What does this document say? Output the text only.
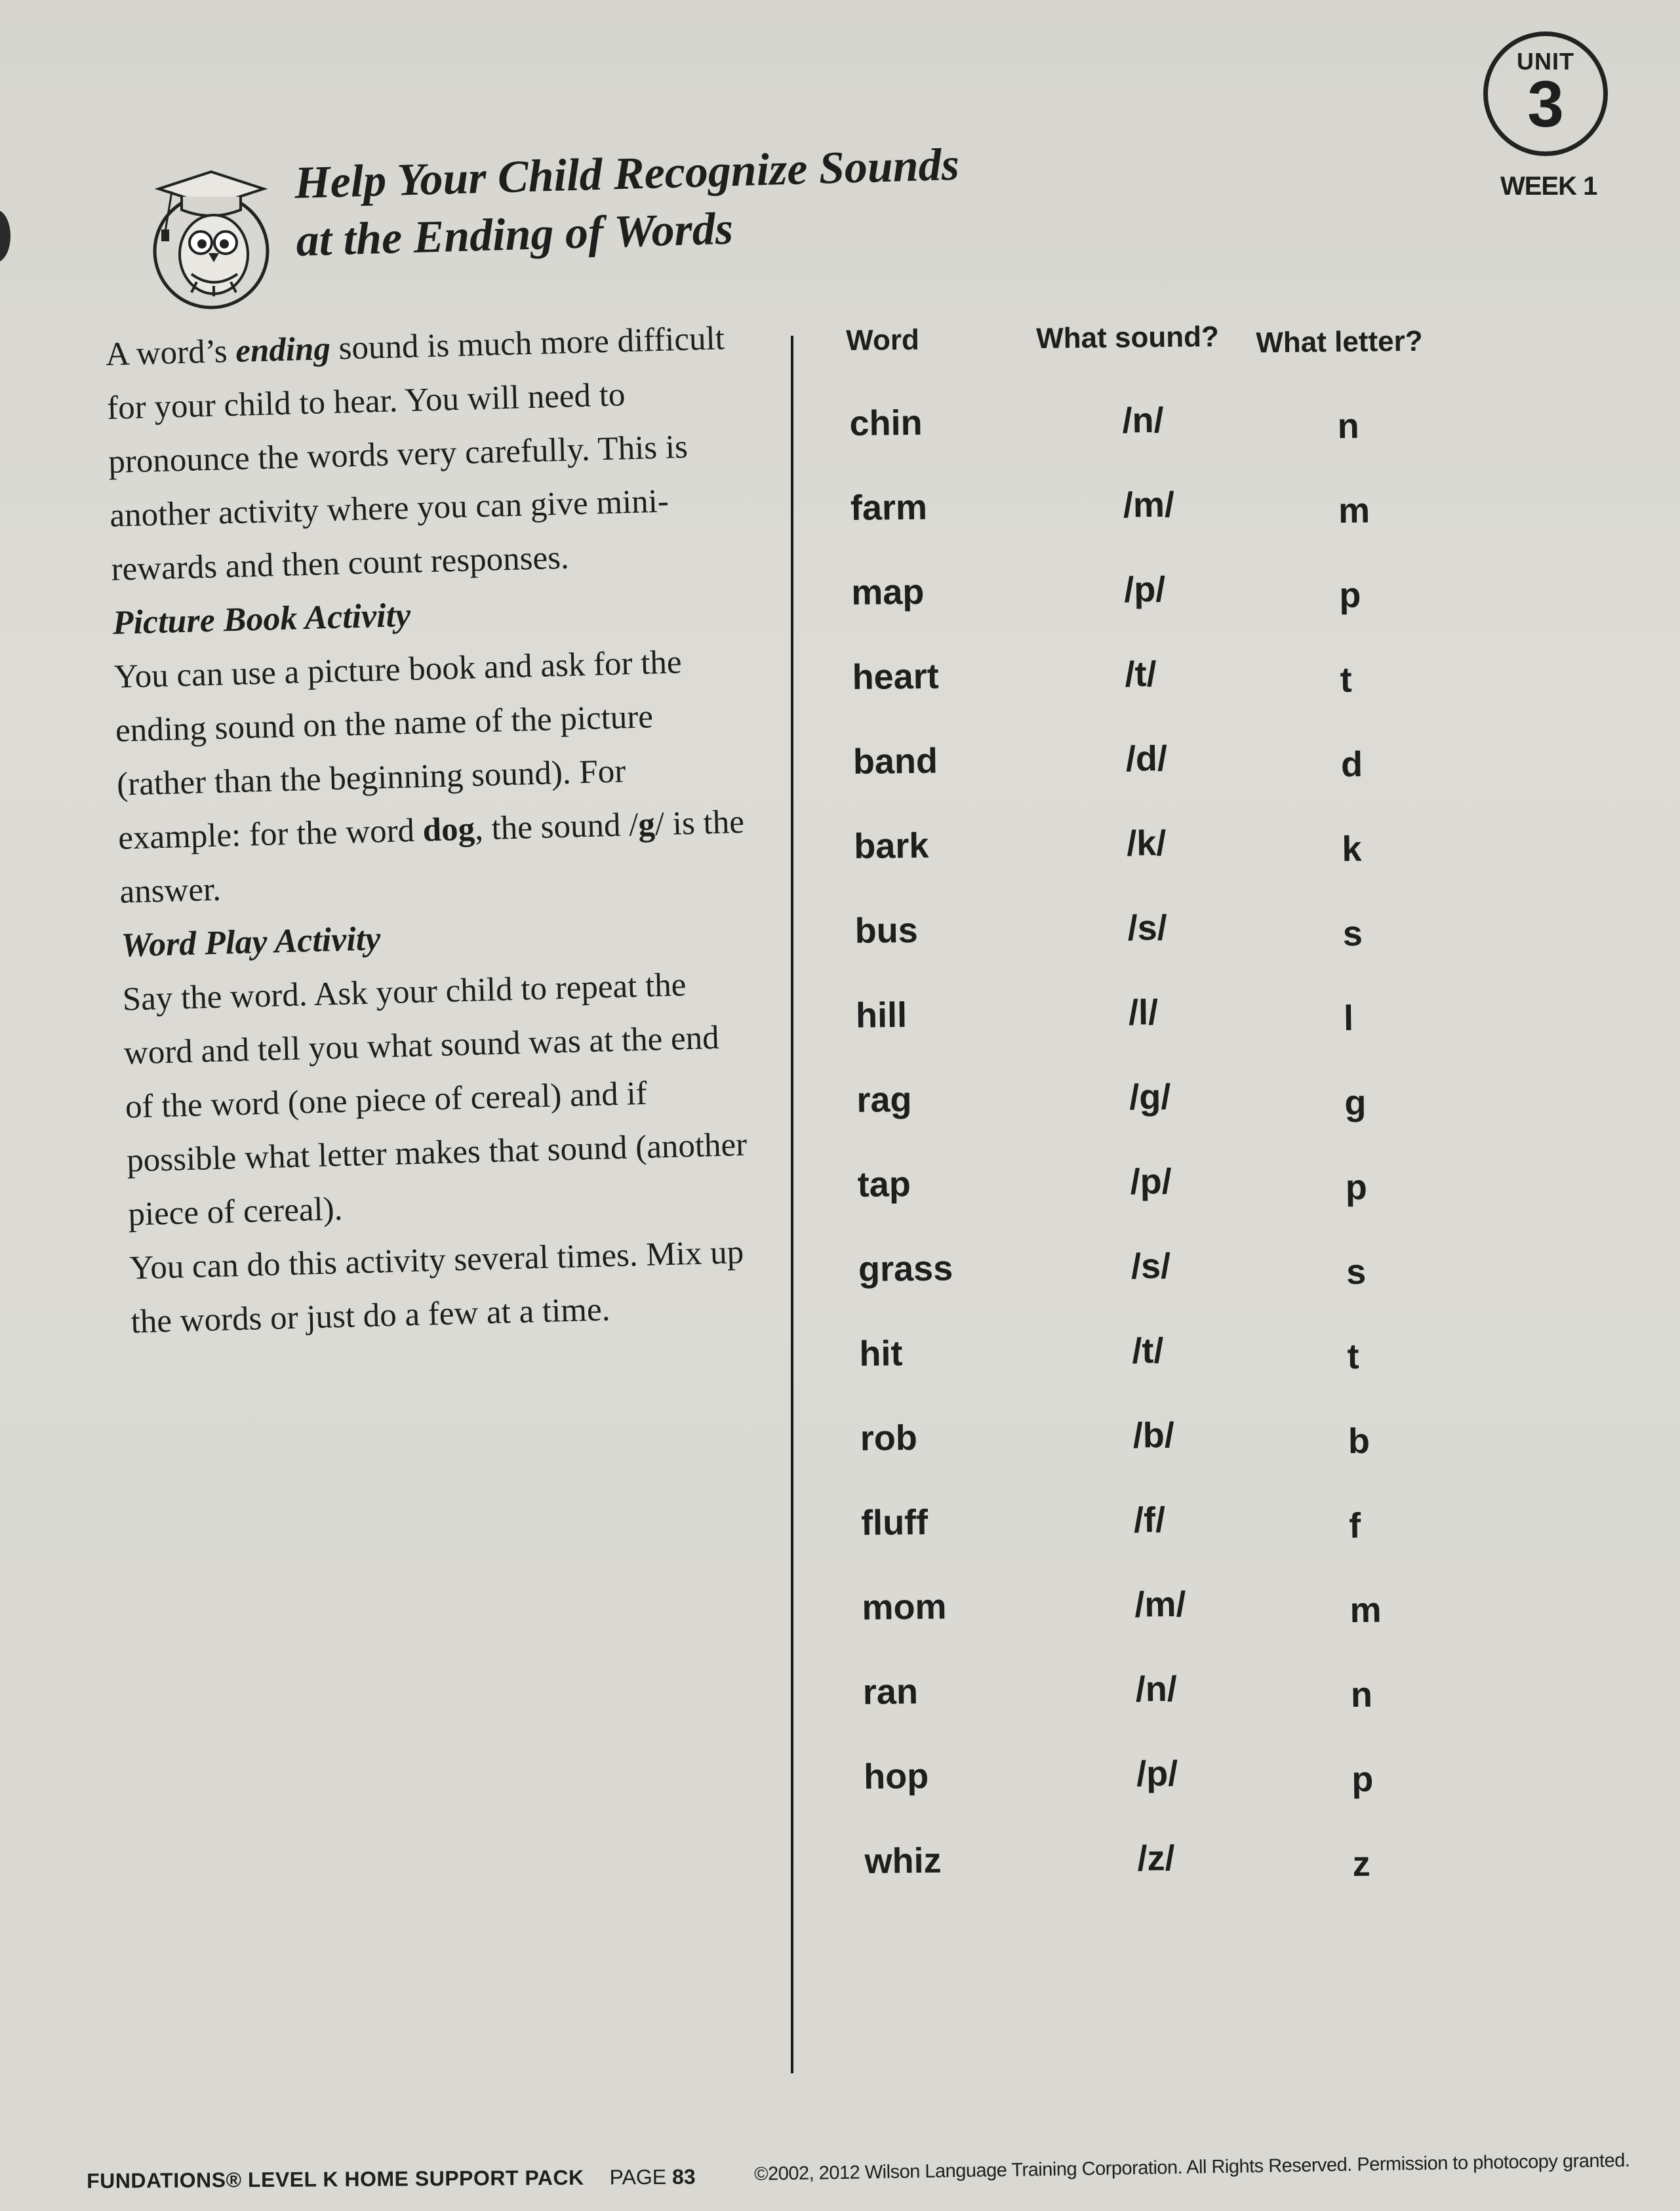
UNIT
3
WEEK 1
Help Your Child Recognize Sounds
at the Ending of Words

A word’s ending sound is much more difficult for your child to hear. You will need to pronounce the words very carefully. This is another activity where you can give mini-rewards and then count responses.

Picture Book Activity

You can use a picture book and ask for the ending sound on the name of the picture (rather than the beginning sound). For example: for the word dog, the sound /g/ is the answer.

Word Play Activity

Say the word. Ask your child to repeat the word and tell you what sound was at the end of the word (one piece of cereal) and if possible what letter makes that sound (another piece of cereal).

You can do this activity several times. Mix up the words or just do a few at a time.

Word	What sound? What letter?
chin	/n/	n
farm	/m/	m
map	/p/	p
heart	/t/	t
band	/d/	d
bark	/k/	k
bus	/s/	s
hill	/l/	l
rag	/g/	g
tap	/p/	p
grass	/s/	s
hit	/t/	t
rob	/b/	b
fluff	/f/	f
mom	/m/	m
ran	/n/	n
hop	/p/	p
whiz	/z/	z
FUNDATIONS® LEVEL K HOME SUPPORT PACK PAGE 83	©2002, 2012 Wilson Language Training Corporation. All Rights Reserved. Permission to photocopy granted.
